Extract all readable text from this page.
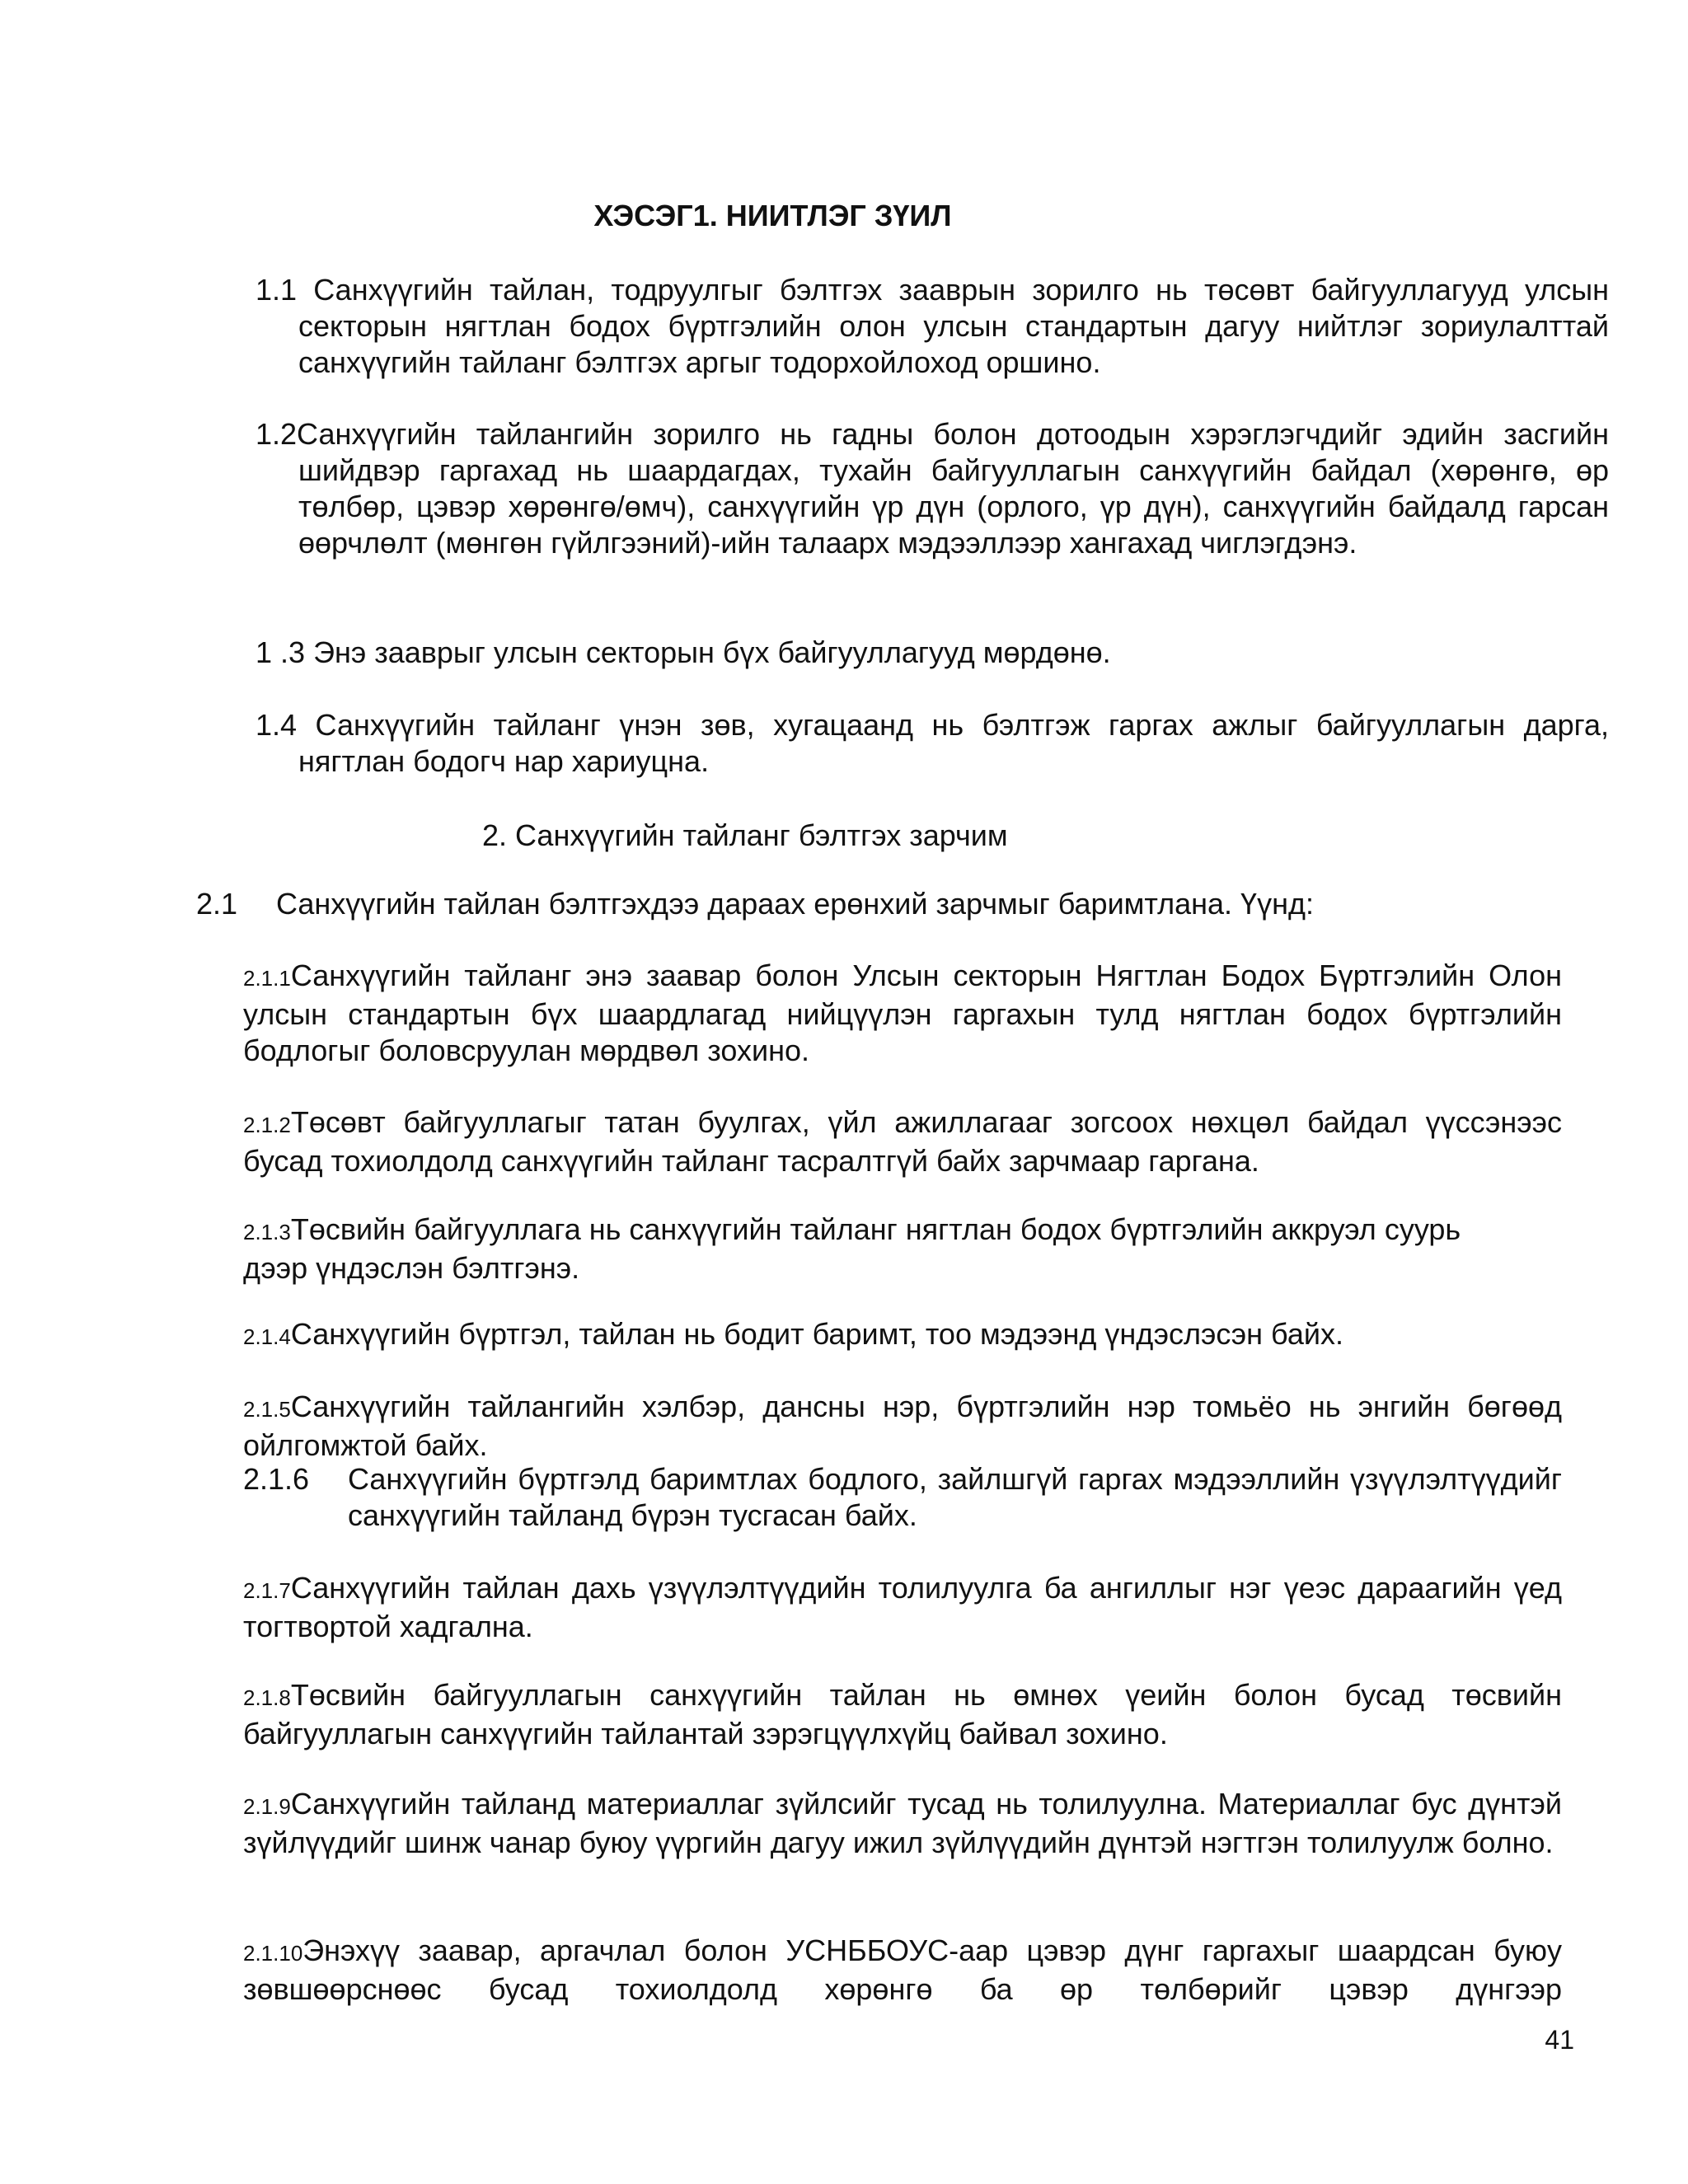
ХЭСЭГ1. НИИТЛЭГ ЗҮИЛ

1.1 Санхүүгийн тайлан, тодруулгыг бэлтгэх зааврын зорилго нь төсөвт байгууллагууд улсын секторын нягтлан бодох бүртгэлийн олон улсын стандартын дагуу нийтлэг зориулалттай санхүүгийн тайланг бэлтгэх аргыг тодорхойлоход оршино.

1.2Санхүүгийн тайлангийн зорилго нь гадны болон дотоодын хэрэглэгчдийг эдийн засгийн шийдвэр гаргахад нь шаардагдах, тухайн байгууллагын санхүүгийн байдал (хөрөнгө, өр төлбөр, цэвэр хөрөнгө/өмч), санхүүгийн үр дүн (орлого, үр дүн), санхүүгийн байдалд гарсан өөрчлөлт (мөнгөн гүйлгээний)-ийн талаарх мэдээллээр хангахад чиглэгдэнэ.

1 .3 Энэ зааврыг улсын секторын бүх байгууллагууд мөрдөнө.

1.4 Санхүүгийн тайланг үнэн зөв, хугацаанд нь бэлтгэж гаргах ажлыг байгууллагын дарга, нягтлан бодогч нар хариуцна.

2. Санхүүгийн тайланг бэлтгэх зарчим

2.1	Санхүүгийн тайлан бэлтгэхдээ дараах ерөнхий зарчмыг баримтлана. Үүнд:

2.1.1Санхүүгийн тайланг энэ заавар болон Улсын секторын Нягтлан Бодох Бүртгэлийн Олон улсын стандартын бүх шаардлагад нийцүүлэн гаргахын тулд нягтлан бодох бүртгэлийн бодлогыг боловсруулан мөрдвөл зохино.

2.1.2Төсөвт байгууллагыг татан буулгах, үйл ажиллагааг зогсоох нөхцөл байдал үүссэнээс бусад тохиолдолд санхүүгийн тайланг тасралтгүй байх зарчмаар гаргана.

2.1.3Төсвийн байгууллага нь санхүүгийн тайланг нягтлан бодох бүртгэлийн аккруэл суурь дээр үндэслэн бэлтгэнэ.

2.1.4Санхүүгийн бүртгэл, тайлан нь бодит баримт, тоо мэдээнд үндэслэсэн байх.

2.1.5Санхүүгийн тайлангийн хэлбэр, дансны нэр, бүртгэлийн нэр томьёо нь энгийн бөгөөд ойлгомжтой байх.

2.1.6	Санхүүгийн бүртгэлд баримтлах бодлого, зайлшгүй гаргах мэдээллийн үзүүлэлтүүдийг санхүүгийн тайланд бүрэн тусгасан байх.

2.1.7Санхүүгийн тайлан дахь үзүүлэлтүүдийн толилуулга ба ангиллыг нэг үеэс дараагийн үед тогтвортой хадгална.

2.1.8Төсвийн байгууллагын санхүүгийн тайлан нь өмнөх үеийн болон бусад төсвийн байгууллагын санхүүгийн тайлантай зэрэгцүүлхүйц байвал зохино.

2.1.9Санхүүгийн тайланд материаллаг зүйлсийг тусад нь толилуулна. Материаллаг бус дүнтэй зүйлүүдийг шинж чанар буюу үүргийн дагуу ижил зүйлүүдийн дүнтэй нэгтгэн толилуулж болно.

2.1.10Энэхүү заавар, аргачлал болон УСНББОУС-аар цэвэр дүнг гаргахыг шаардсан буюу зөвшөөрснөөс бусад тохиолдолд хөрөнгө ба өр төлбөрийг цэвэр дүнгээр

41
